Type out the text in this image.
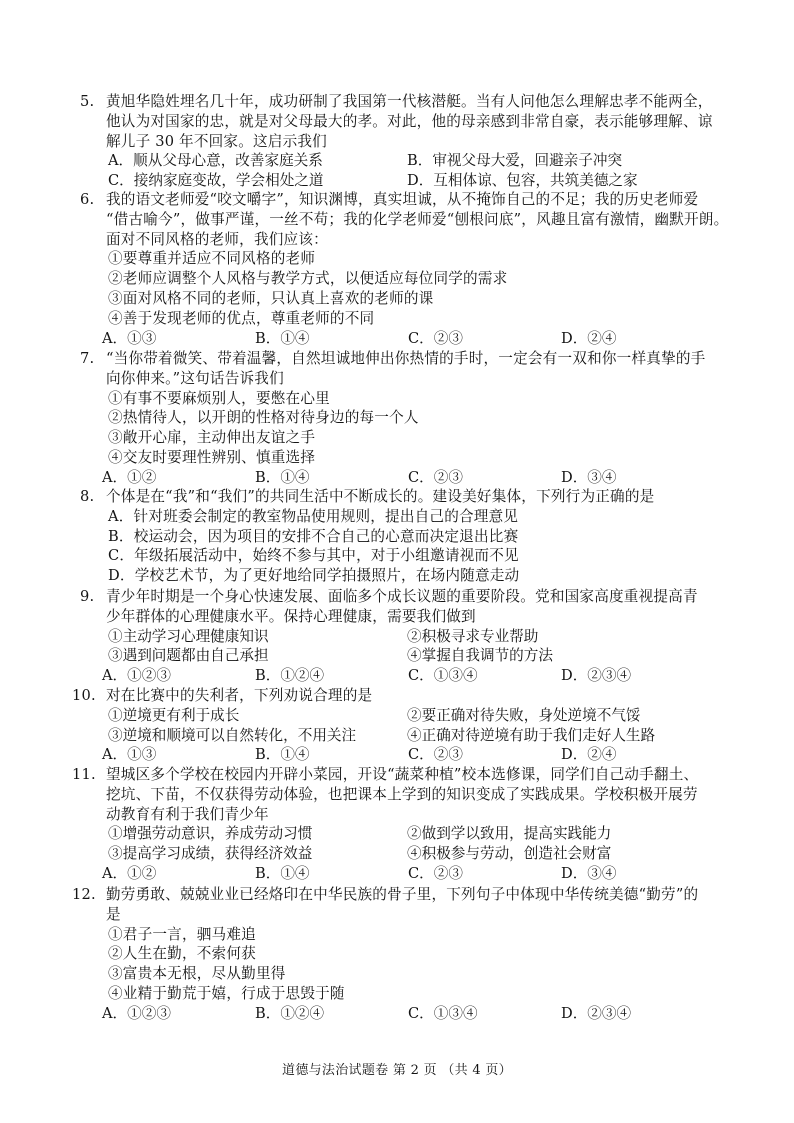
5. 黄旭华隐姓埋名几十年，成功研制了我国第一代核潜艇。当有人问他怎么理解忠孝不能两全，
他认为对国家的忠，就是对父母最大的孝。对此，他的母亲感到非常自豪，表示能够理解、谅
解儿子 30 年不回家。这启示我们
A．顺从父母心意，改善家庭关系	B．审视父母大爱，回避亲子冲突
C．接纳家庭变故，学会相处之道	D．互相体谅、包容，共筑美德之家
6. 我的语文老师爱“咬文嚼字”，知识渊博，真实坦诚，从不掩饰自己的不足；我的历史老师爱
“借古喻今”，做事严谨，一丝不苟；我的化学老师爱“刨根问底”，风趣且富有激情，幽默开朗。
面对不同风格的老师，我们应该：
①要尊重并适应不同风格的老师
②老师应调整个人风格与教学方式，以便适应每位同学的需求
③面对风格不同的老师，只认真上喜欢的老师的课
④善于发现老师的优点，尊重老师的不同
A．①③	B．①④	C．②③	D．②④
7. “当你带着微笑、带着温馨，自然坦诚地伸出你热情的手时，一定会有一双和你一样真挚的手
向你伸来。”这句话告诉我们
①有事不要麻烦别人，要憋在心里
②热情待人，以开朗的性格对待身边的每一个人
③敞开心扉，主动伸出友谊之手
④交友时要理性辨别、慎重选择
A．①②	B．①④	C．②③	D．③④
8. 个体是在“我”和“我们”的共同生活中不断成长的。建设美好集体，下列行为正确的是
A．针对班委会制定的教室物品使用规则，提出自己的合理意见
B．校运动会，因为项目的安排不合自己的心意而决定退出比赛
C．年级拓展活动中，始终不参与其中，对于小组邀请视而不见
D．学校艺术节，为了更好地给同学拍摄照片，在场内随意走动
9. 青少年时期是一个身心快速发展、面临多个成长议题的重要阶段。党和国家高度重视提高青
少年群体的心理健康水平。保持心理健康，需要我们做到
①主动学习心理健康知识	②积极寻求专业帮助
③遇到问题都由自己承担	④掌握自我调节的方法
A．①②③	B．①②④	C．①③④	D．②③④
10. 对在比赛中的失利者，下列劝说合理的是
①逆境更有利于成长	②要正确对待失败，身处逆境不气馁
③逆境和顺境可以自然转化，不用关注	④正确对待逆境有助于我们走好人生路
A．①③	B．①④	C．②③	D．②④
11. 望城区多个学校在校园内开辟小菜园，开设“蔬菜种植”校本选修课，同学们自己动手翻土、
挖坑、下苗，不仅获得劳动体验，也把课本上学到的知识变成了实践成果。学校积极开展劳
动教育有利于我们青少年
①增强劳动意识，养成劳动习惯	②做到学以致用，提高实践能力
③提高学习成绩，获得经济效益	④积极参与劳动，创造社会财富
A．①②	B．①④	C．②③	D．③④
12. 勤劳勇敢、兢兢业业已经烙印在中华民族的骨子里，下列句子中体现中华传统美德“勤劳”的
是
①君子一言，驷马难追
②人生在勤，不索何获
③富贵本无根，尽从勤里得
④业精于勤荒于嬉，行成于思毁于随
A．①②③	B．①②④	C．①③④	D．②③④
道德与法治试题卷 第 2 页 （共 4 页）
